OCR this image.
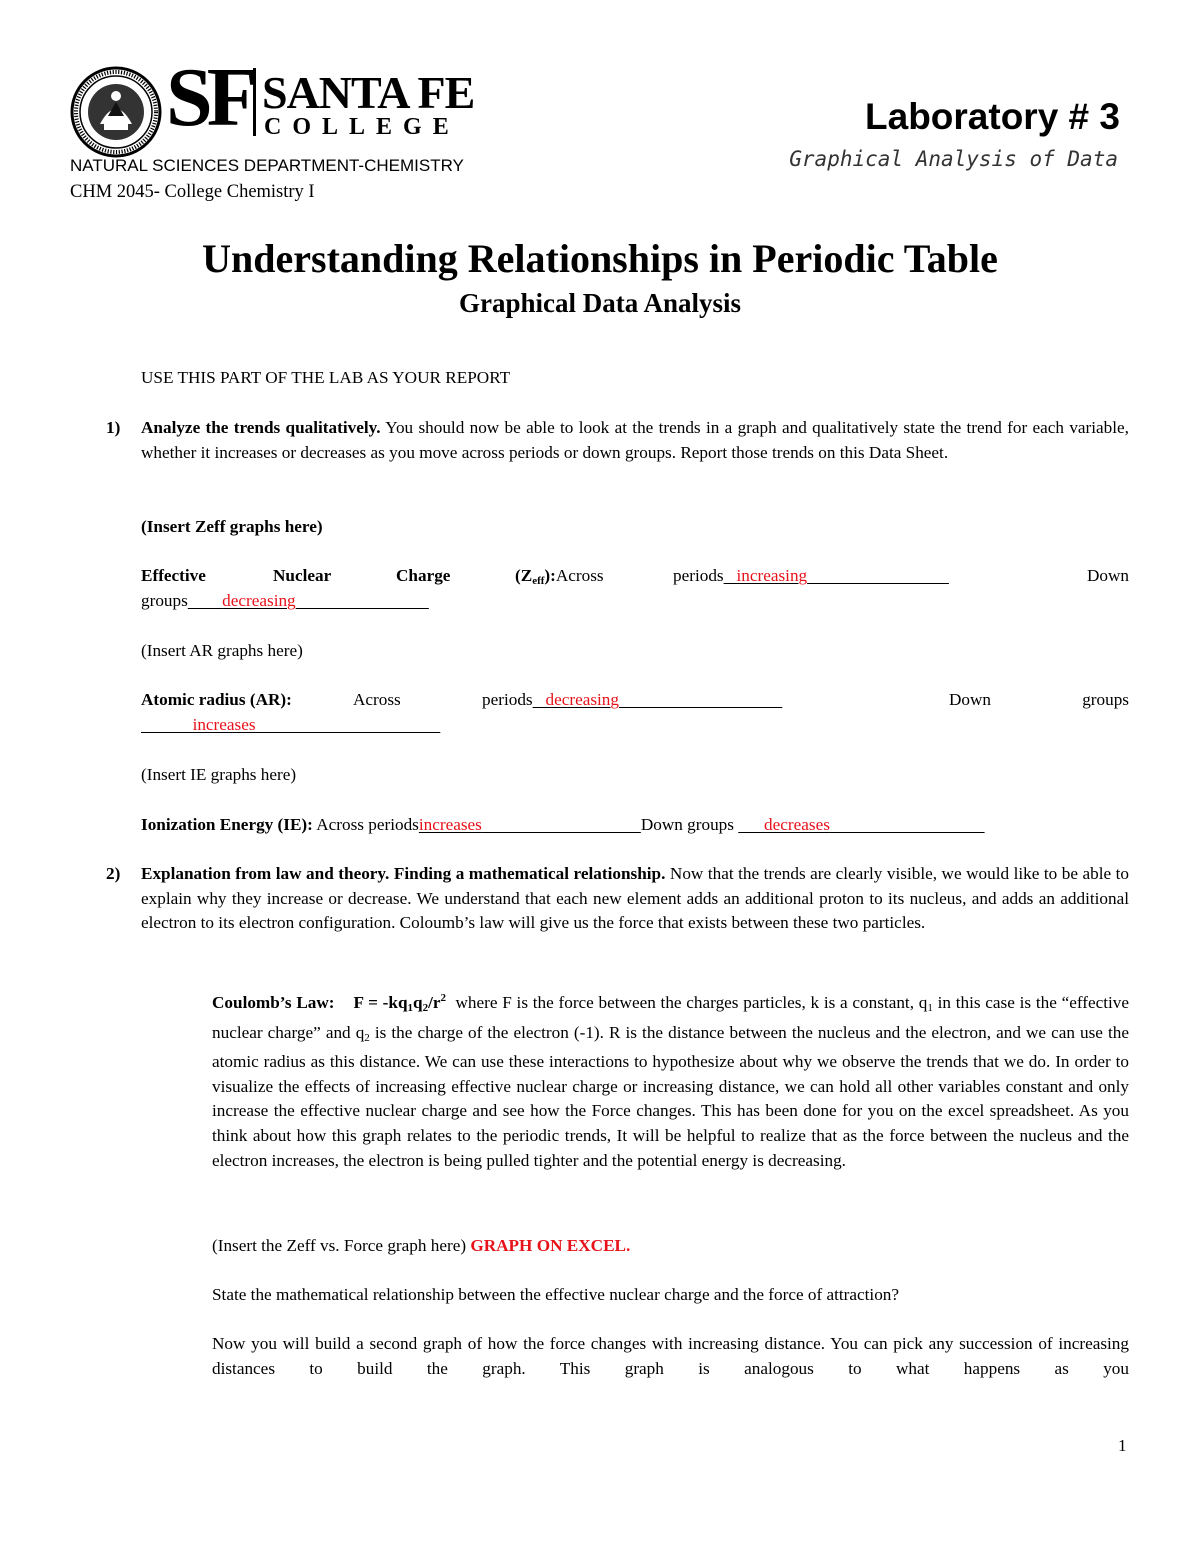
SF SANTA FE
COLLEGE
NATURAL SCIENCES DEPARTMENT-CHEMISTRY
CHM 2045- College Chemistry I
Laboratory # 3
Graphical Analysis of Data
Understanding Relationships in Periodic Table
Graphical Data Analysis
USE THIS PART OF THE LAB AS YOUR REPORT
1) Analyze the trends qualitatively. You should now be able to look at the trends in a graph and qualitatively state the trend for each variable, whether it increases or decreases as you move across periods or down groups. Report those trends on this Data Sheet.
(Insert Zeff graphs here)
Effective	Nuclear	Charge	$(Z_{eff}):Across$	periods increasing	Down
groups decreasing
(Insert AR graphs here)
Atomic radius (AR):	Across	periods decreasing	Down	groups
increases
(Insert IE graphs here)
Ionization Energy (IE): Across periodsincreases	Down groups decreases
2) Explanation from law and theory. Finding a mathematical relationship. Now that the trends are clearly visible, we would like to be able to explain why they increase or decrease. We understand that each new element adds an additional proton to its nucleus, and adds an additional electron to its electron configuration. Coloumb’s law will give us the force that exists between these two particles.
Coulomb’s Law: $F = -kq_1q_2/r^2$ where F is the force between the charges particles, k is a constant, $q_1$ in this case is the “effective nuclear charge” and $q_2$ is the charge of the electron (-1). R is the distance between the nucleus and the electron, and we can use the atomic radius as this distance. We can use these interactions to hypothesize about why we observe the trends that we do. In order to visualize the effects of increasing effective nuclear charge or increasing distance, we can hold all other variables constant and only increase the effective nuclear charge and see how the Force changes. This has been done for you on the excel spreadsheet. As you think about how this graph relates to the periodic trends, It will be helpful to realize that as the force between the nucleus and the electron increases, the electron is being pulled tighter and the potential energy is decreasing.
(Insert the Zeff vs. Force graph here) GRAPH ON EXCEL.
State the mathematical relationship between the effective nuclear charge and the force of attraction?
Now you will build a second graph of how the force changes with increasing distance. You can pick any succession of increasing distances to build the graph. This graph is analogous to what happens as you
1
